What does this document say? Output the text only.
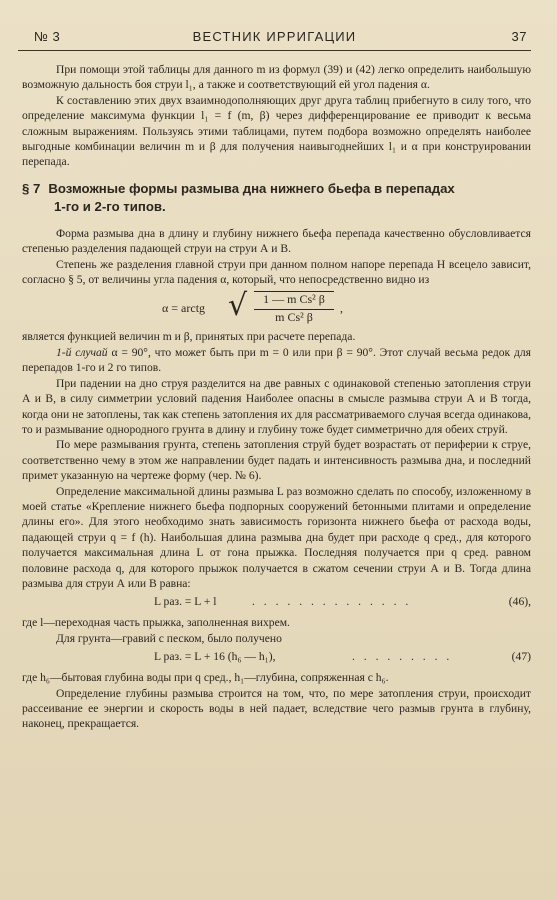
№ 3	ВЕСТНИК ИРРИГАЦИИ	37

При помощи этой таблицы для данного m из формул (39) и (42) легко определить наибольшую возможную дальность боя струи l₁, а также и соответствующий ей угол падения α.

К составлению этих двух взаимнодополняющих друг друга таблиц прибегнуто в силу того, что определение максимума функции l₁ = f (m, β) через дифференцирование ее приводит к весьма сложным выражениям. Пользуясь этими таблицами, путем подбора возможно определять наиболее выгодные комбинации величин m и β для получения наивыгоднейших l₁ и α при конструировании перепада.

§ 7 Возможные формы размыва дна нижнего бьефа в перепадах
1-го и 2-го типов.

Форма размыва дна в длину и глубину нижнего бьефа перепада качественно обусловливается степенью разделения падающей струи на струи А и В.

Степень же разделения главной струи при данном полном напоре перепада Н всецело зависит, согласно § 5, от величины угла падения α, который, что непосредственно видно из

α = arctg √ $\frac{\text{1 — m Cs² β}}{\text{m Cs² β}}$ ,

является функцией величин m и β, принятых при расчете перепада.

1-й случай α = 90°, что может быть при m = 0 или при β = 90°. Этот случай весьма редок для перепадов 1-го и 2 го типов.

При падении на дно струя разделится на две равных с одинаковой степенью затопления струи А и В, в силу симметрии условий падения Наиболее опасны в смысле размыва струи А и В тогда, когда они не затоплены, так как степень затопления их для рассматриваемого случая всегда одинакова, то и размывание однородного грунта в длину и глубину тоже будет симметрично для обеих струй.

По мере размывания грунта, степень затопления струй будет возрастать от периферии к струе, соответственно чему в этом же направлении будет падать и интенсивность размыва дна, и последний примет указанную на чертеже форму (чер. № 6).

Определение максимальной длины размыва L раз возможно сделать по способу, изложенному в моей статье «Крепление нижнего бьефа подпорных сооружений бетонными плитами и определение длины его». Для этого необходимо знать зависимость горизонта нижнего бьефа от расхода воды, падающей струи q = f (h). Наибольшая длина размыва дна будет при расходе q сред., для которого получается максимальная длина L от гона прыжка. Последняя получается при q сред. равном половине расхода q, для которого прыжок получается в сжатом сечении струи А и В. Тогда длина размыва для струи А или В равна:

L раз. = L + l	. . . . . . . . . . . . . .	(46),

где l—переходная часть прыжка, заполненная вихрем.

Для грунта—гравий с песком, было получено

L раз. = L + 16 (h₆ — h₁),	. . . . . . . . .	(47)

где h₆—бытовая глубина воды при q сред., h₁—глубина, сопряженная с h₆.

Определение глубины размыва строится на том, что, по мере затопления струи, происходит рассеивание ее энергии и скорость воды в ней падает, вследствие чего размыв грунта в глубину, наконец, прекращается.
